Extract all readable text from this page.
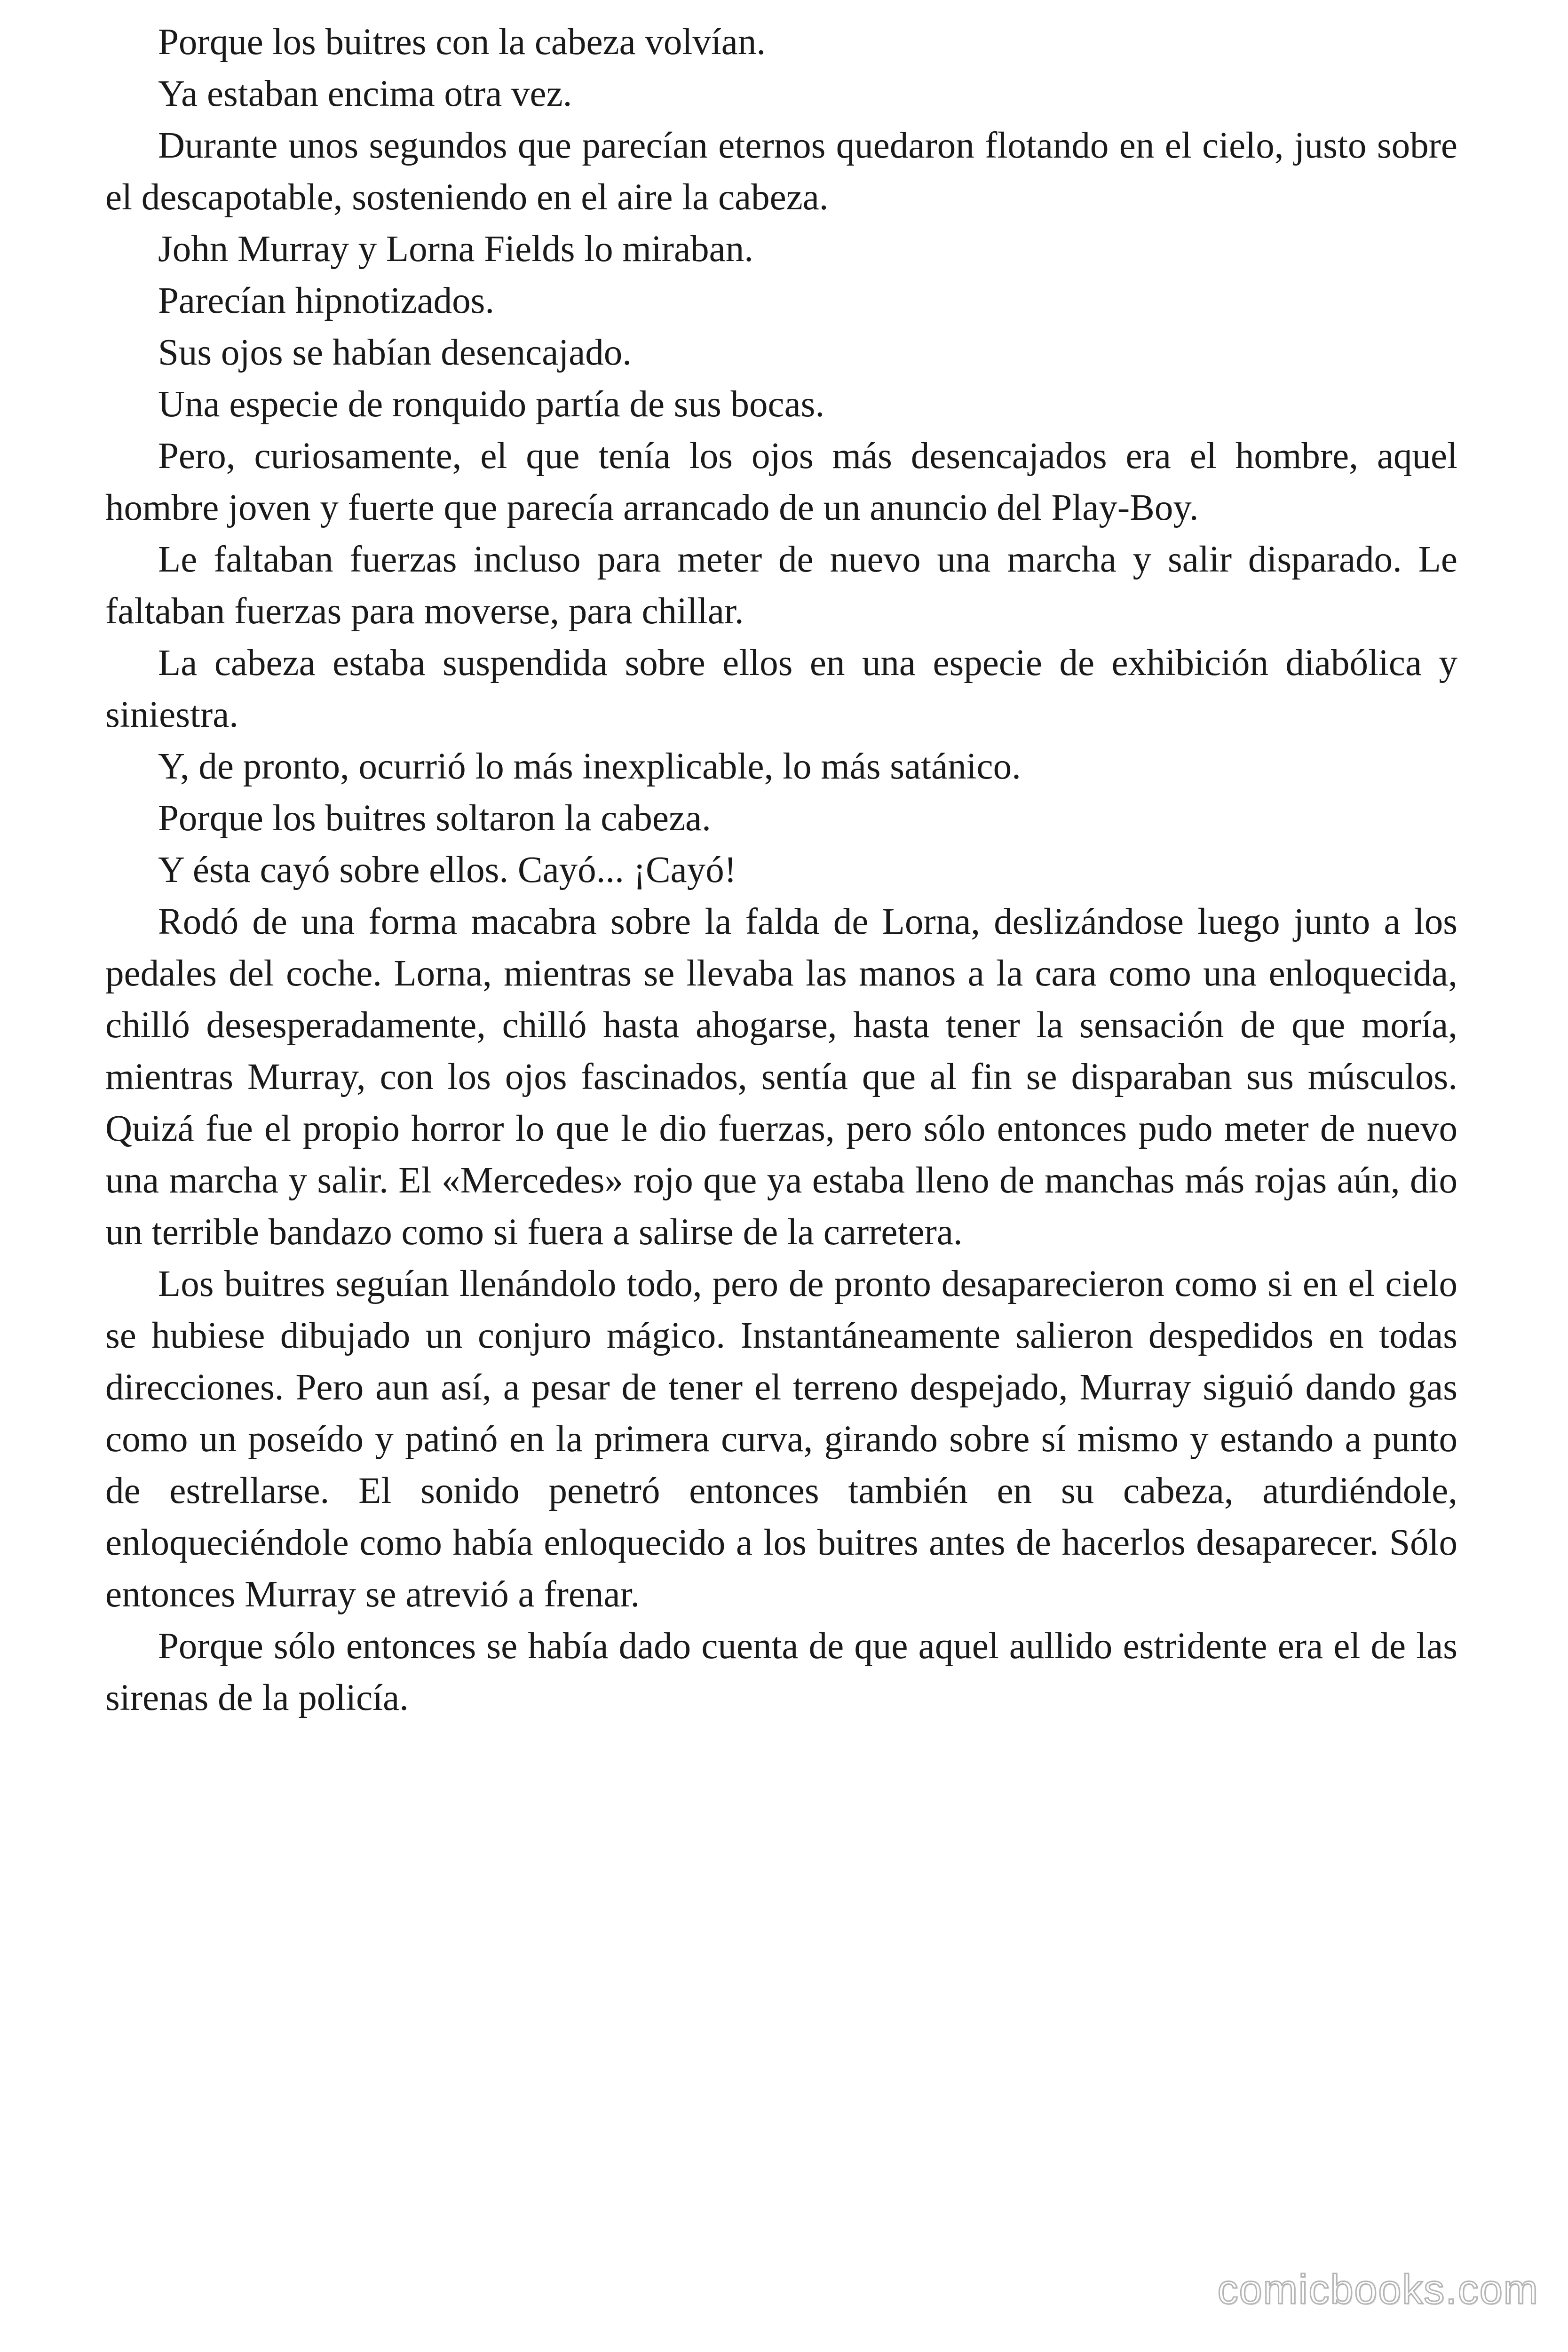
Porque los buitres con la cabeza volvían.

Ya estaban encima otra vez.

Durante unos segundos que parecían eternos quedaron flotando en el cielo, justo sobre el descapotable, sosteniendo en el aire la cabeza.

John Murray y Lorna Fields lo miraban.

Parecían hipnotizados.

Sus ojos se habían desencajado.

Una especie de ronquido partía de sus bocas.

Pero, curiosamente, el que tenía los ojos más desencajados era el hombre, aquel hombre joven y fuerte que parecía arrancado de un anuncio del Play-Boy.

Le faltaban fuerzas incluso para meter de nuevo una marcha y salir disparado. Le faltaban fuerzas para moverse, para chillar.

La cabeza estaba suspendida sobre ellos en una especie de exhibición diabólica y siniestra.

Y, de pronto, ocurrió lo más inexplicable, lo más satánico.

Porque los buitres soltaron la cabeza.

Y ésta cayó sobre ellos. Cayó... ¡Cayó!

Rodó de una forma macabra sobre la falda de Lorna, deslizándose luego junto a los pedales del coche. Lorna, mientras se llevaba las manos a la cara como una enloquecida, chilló desesperadamente, chilló hasta ahogarse, hasta tener la sensación de que moría, mientras Murray, con los ojos fascinados, sentía que al fin se disparaban sus músculos. Quizá fue el propio horror lo que le dio fuerzas, pero sólo entonces pudo meter de nuevo una marcha y salir. El «Mercedes» rojo que ya estaba lleno de manchas más rojas aún, dio un terrible bandazo como si fuera a salirse de la carretera.

Los buitres seguían llenándolo todo, pero de pronto desaparecieron como si en el cielo se hubiese dibujado un conjuro mágico. Instantáneamente salieron despedidos en todas direcciones. Pero aun así, a pesar de tener el terreno despejado, Murray siguió dando gas como un poseído y patinó en la primera curva, girando sobre sí mismo y estando a punto de estrellarse. El sonido penetró entonces también en su cabeza, aturdiéndole, enloqueciéndole como había enloquecido a los buitres antes de hacerlos desaparecer. Sólo entonces Murray se atrevió a frenar.

Porque sólo entonces se había dado cuenta de que aquel aullido estridente era el de las sirenas de la policía.

comicbooks.com
